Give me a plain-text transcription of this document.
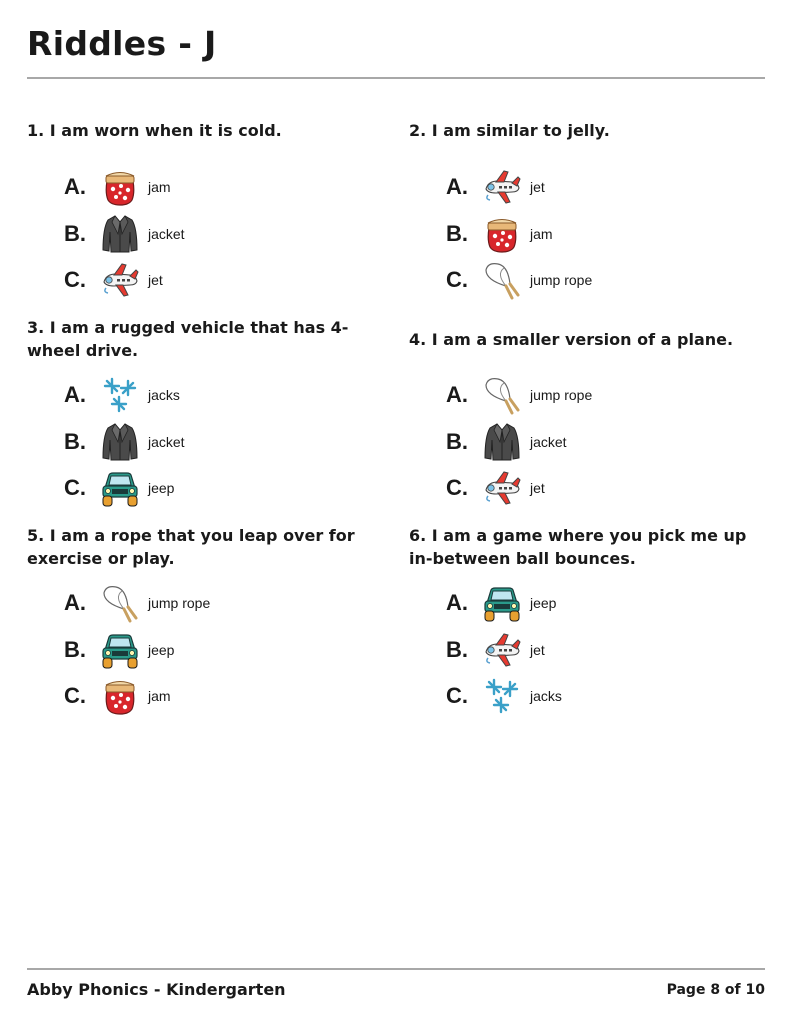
Riddles - J
1. I am worn when it is cold.
A.	jam
B.	jacket
C.	jet
2. I am similar to jelly.
A.	jet
B.	jam
C.	jump rope
3. I am a rugged vehicle that has 4-wheel drive.
A.	jacks
B.	jacket
C.	jeep
4. I am a smaller version of a plane.
A.	jump rope
B.	jacket
C.	jet
5. I am a rope that you leap over for exercise or play.
A.	jump rope
B.	jeep
C.	jam
6. I am a game where you pick me up in-between ball bounces.
A.	jeep
B.	jet
C.	jacks
Abby Phonics - Kindergarten	Page 8 of 10
